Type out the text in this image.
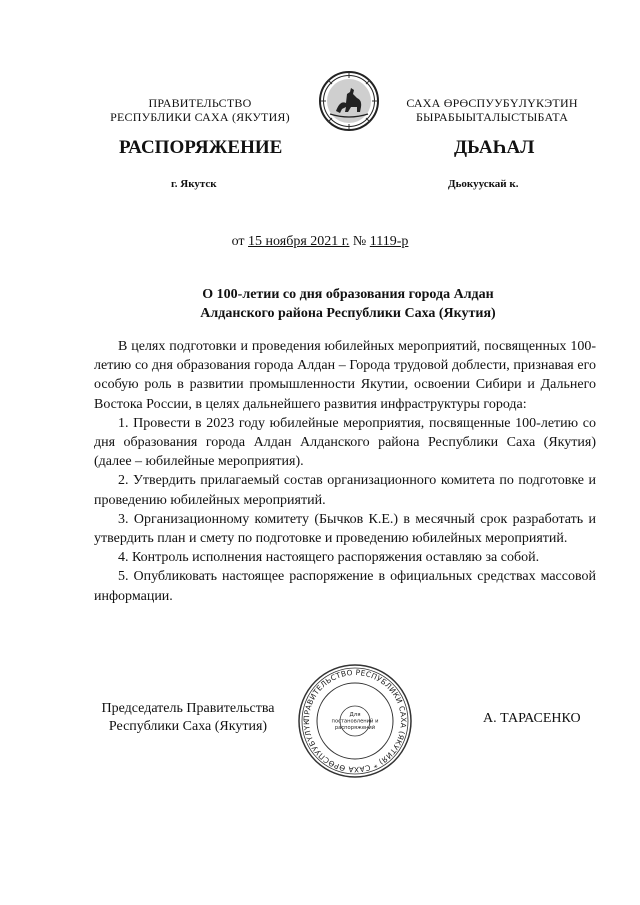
ПРАВИТЕЛЬСТВО
РЕСПУБЛИКИ САХА (ЯКУТИЯ)
САХА ӨРӨСПУУБҮЛҮКЭТИН
БЫРАБЫЫТАЛЫСТЫБАТА
РАСПОРЯЖЕНИЕ	ДЬАҺАЛ
г. Якутск	Дьокуускай к.
от 15 ноября 2021 г. № 1119-р
О 100-летии со дня образования города Алдан
Алданского района Республики Саха (Якутия)

В целях подготовки и проведения юбилейных мероприятий, посвященных 100-летию со дня образования города Алдан – Города трудовой доблести, признавая его особую роль в развитии промышленности Якутии, освоении Сибири и Дальнего Востока России, в целях дальнейшего развития инфраструктуры города:

1. Провести в 2023 году юбилейные мероприятия, посвященные 100-летию со дня образования города Алдан Алданского района Республики Саха (Якутия) (далее – юбилейные мероприятия).

2. Утвердить прилагаемый состав организационного комитета по подготовке и проведению юбилейных мероприятий.

3. Организационному комитету (Бычков К.Е.) в месячный срок разработать и утвердить план и смету по подготовке и проведению юбилейных мероприятий.

4. Контроль исполнения настоящего распоряжения оставляю за собой.

5. Опубликовать настоящее распоряжение в официальных средствах массовой информации.

Председатель Правительства
Республики Саха (Якутия)
ПРАВИТЕЛЬСТВО РЕСПУБЛИКИ САХА (ЯКУТИЯ) * САХА ӨРӨСПУУБҮЛҮК
Для
постановлений и
распоряжений
А. ТАРАСЕНКО
